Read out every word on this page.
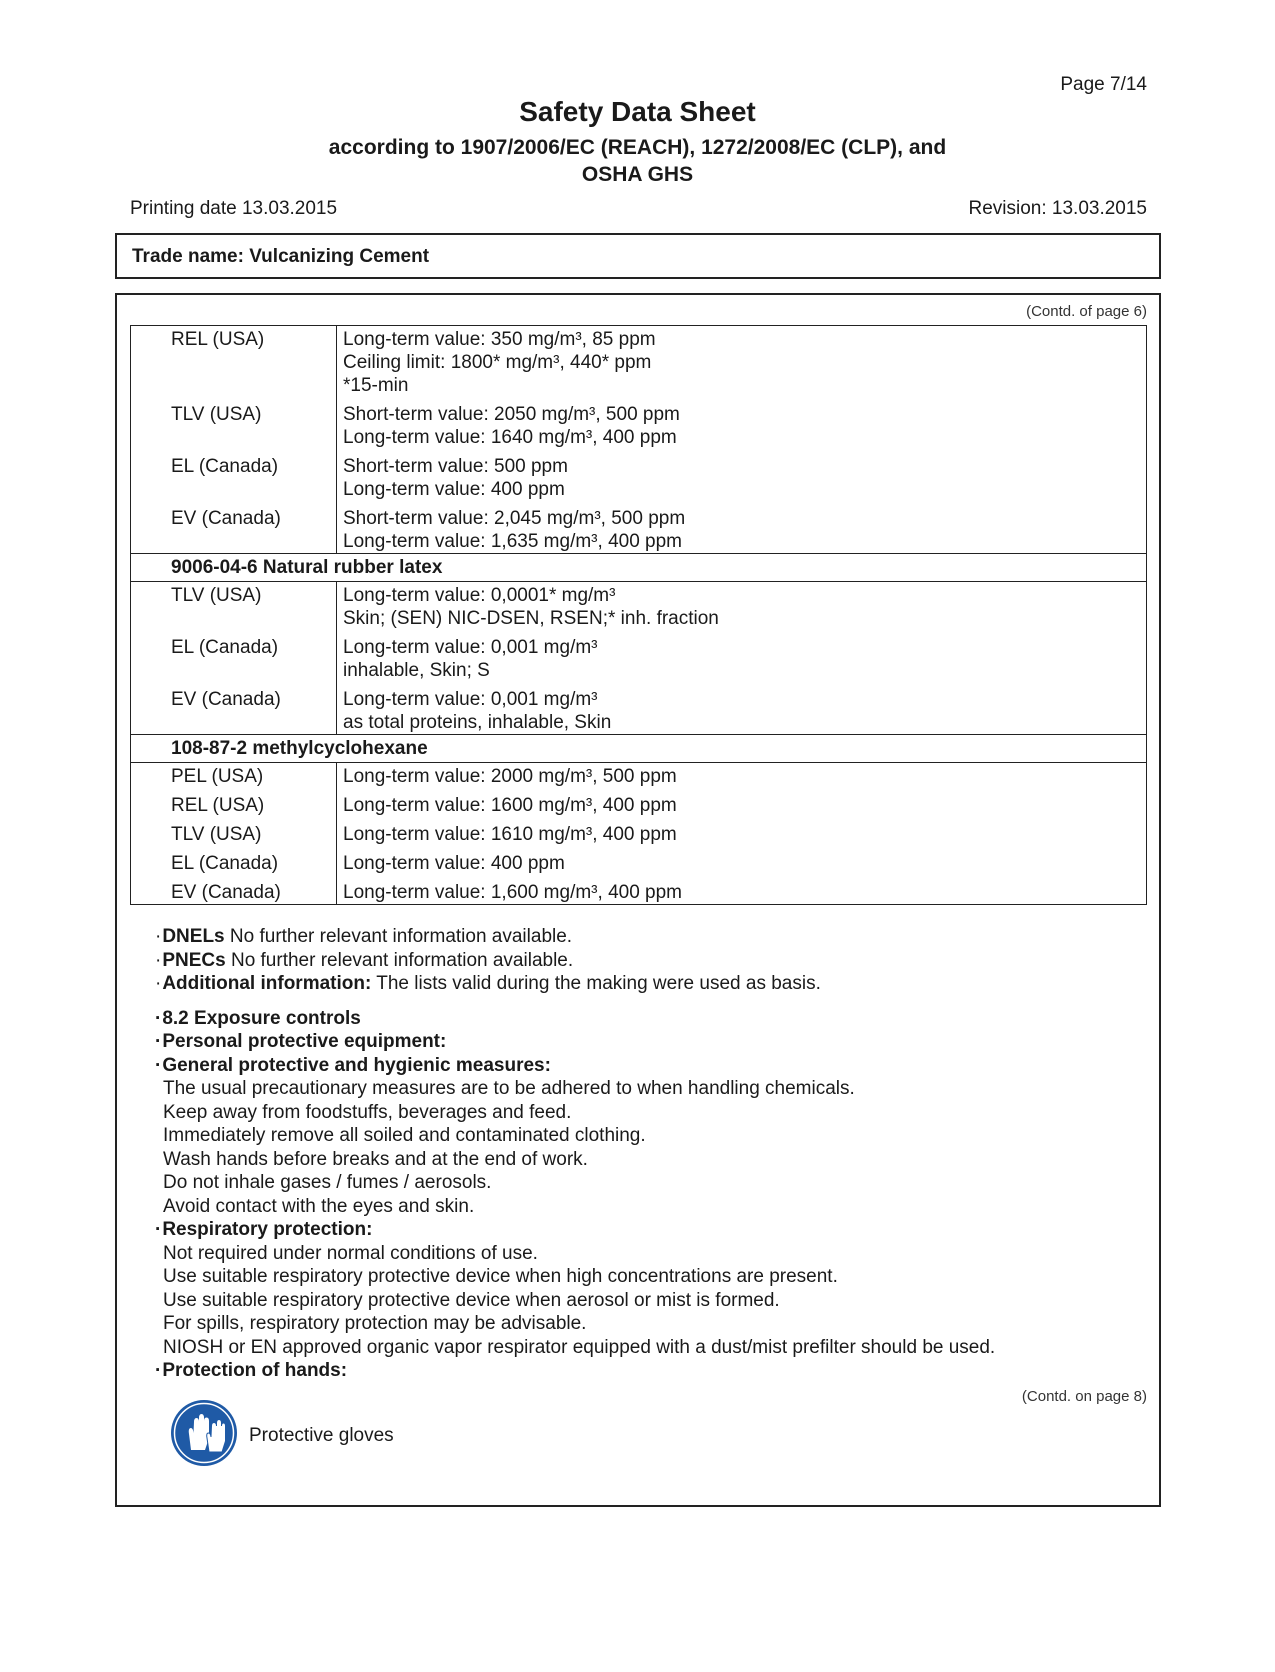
Page 7/14
Safety Data Sheet
according to 1907/2006/EC (REACH), 1272/2008/EC (CLP), and
OSHA GHS
Printing date 13.03.2015	Revision: 13.03.2015
Trade name: Vulcanizing Cement
(Contd. of page 6)
REL (USA)	Long-term value: 350 mg/m³, 85 ppm
Ceiling limit: 1800* mg/m³, 440* ppm
*15-min

TLV (USA)	Short-term value: 2050 mg/m³, 500 ppm
Long-term value: 1640 mg/m³, 400 ppm

EL (Canada)	Short-term value: 500 ppm
Long-term value: 400 ppm

EV (Canada)	Short-term value: 2,045 mg/m³, 500 ppm
Long-term value: 1,635 mg/m³, 400 ppm

9006-04-6 Natural rubber latex	
TLV (USA)	Long-term value: 0,0001* mg/m³
Skin; (SEN) NIC-DSEN, RSEN;* inh. fraction

EL (Canada)	Long-term value: 0,001 mg/m³
inhalable, Skin; S

EV (Canada)	Long-term value: 0,001 mg/m³
as total proteins, inhalable, Skin

108-87-2 methylcyclohexane	
PEL (USA)	Long-term value: 2000 mg/m³, 500 ppm

REL (USA)	Long-term value: 1600 mg/m³, 400 ppm

TLV (USA)	Long-term value: 1610 mg/m³, 400 ppm

EL (Canada)	Long-term value: 400 ppm

EV (Canada)	Long-term value: 1,600 mg/m³, 400 ppm
·DNELs No further relevant information available.
·PNECs No further relevant information available.
·Additional information: The lists valid during the making were used as basis.
·8.2 Exposure controls
·Personal protective equipment:
·General protective and hygienic measures:
The usual precautionary measures are to be adhered to when handling chemicals.
Keep away from foodstuffs, beverages and feed.
Immediately remove all soiled and contaminated clothing.
Wash hands before breaks and at the end of work.
Do not inhale gases / fumes / aerosols.
Avoid contact with the eyes and skin.
·Respiratory protection:
Not required under normal conditions of use.
Use suitable respiratory protective device when high concentrations are present.
Use suitable respiratory protective device when aerosol or mist is formed.
For spills, respiratory protection may be advisable.
NIOSH or EN approved organic vapor respirator equipped with a dust/mist prefilter should be used.
·Protection of hands:
Protective gloves
(Contd. on page 8)
